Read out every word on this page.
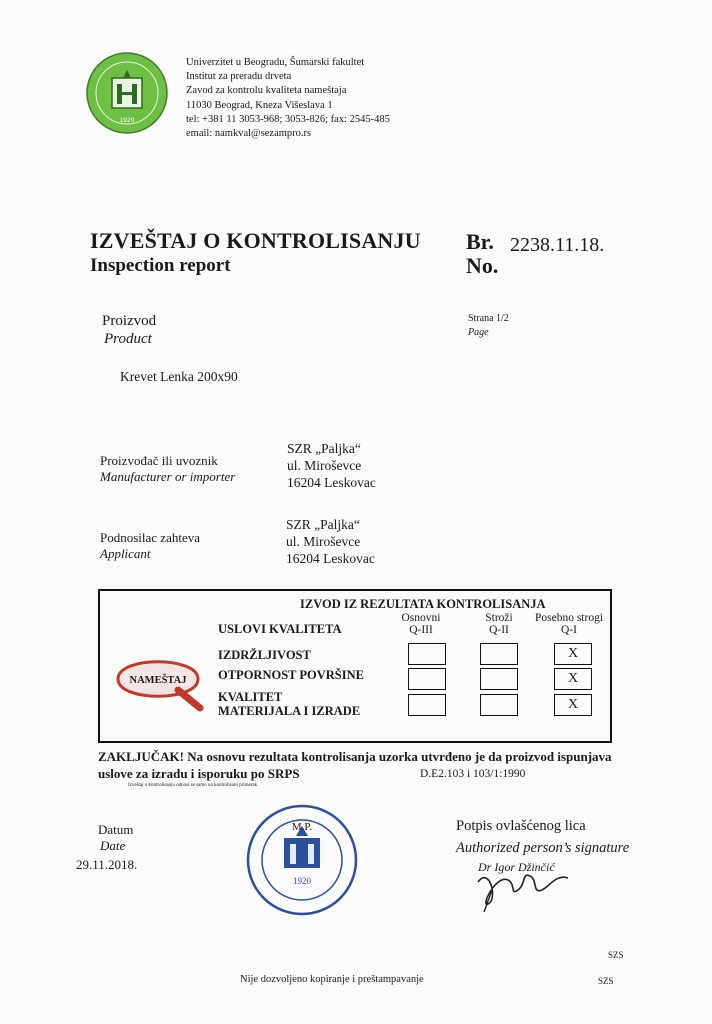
1920
Univerzitet u Beogradu, Šumarski fakultet
Institut za preradu drveta
Zavod za kontrolu kvaliteta nameštaja
11030 Beograd, Kneza Višeslava 1
tel: +381 11 3053-968; 3053-826; fax: 2545-485
email: namkval@sezampro.rs
IZVEŠTAJ O KONTROLISANJU
Inspection report
Br.
No.
2238.11.18.
Strana 1/2
Page
Proizvod
Product
Krevet Lenka 200x90
Proizvođač ili uvoznik
Manufacturer or importer
SZR „Paljka“
ul. Miroševce
16204 Leskovac
Podnosilac zahteva
Applicant
SZR „Paljka“
ul. Miroševce
16204 Leskovac
IZVOD IZ REZULTATA KONTROLISANJA
USLOVI KVALITETA
Osnovni
Q-III
Stroži
Q-II
Posebno strogi
Q-I
NAMEŠTAJ
IZDRŽLJIVOST
OTPORNOST POVRŠINE
KVALITET
MATERIJALA I IZRADE
X
X
X
ZAKLJUČAK! Na osnovu rezultata kontrolisanja uzorka utvrđeno je da proizvod ispunjava uslove za izradu i isporuku po SRPS	D.E2.103 i 103/1:1990
Izveštaj o kontrolisanju odnosi se samo na kontrolisani primerak
Datum
Date
29.11.2018.
M.P.
1920
Potpis ovlašćenog lica
Authorized person’s signature
Dr Igor Džinčić
SZS
Nije dozvoljeno kopiranje i preštampavanje	SZS
